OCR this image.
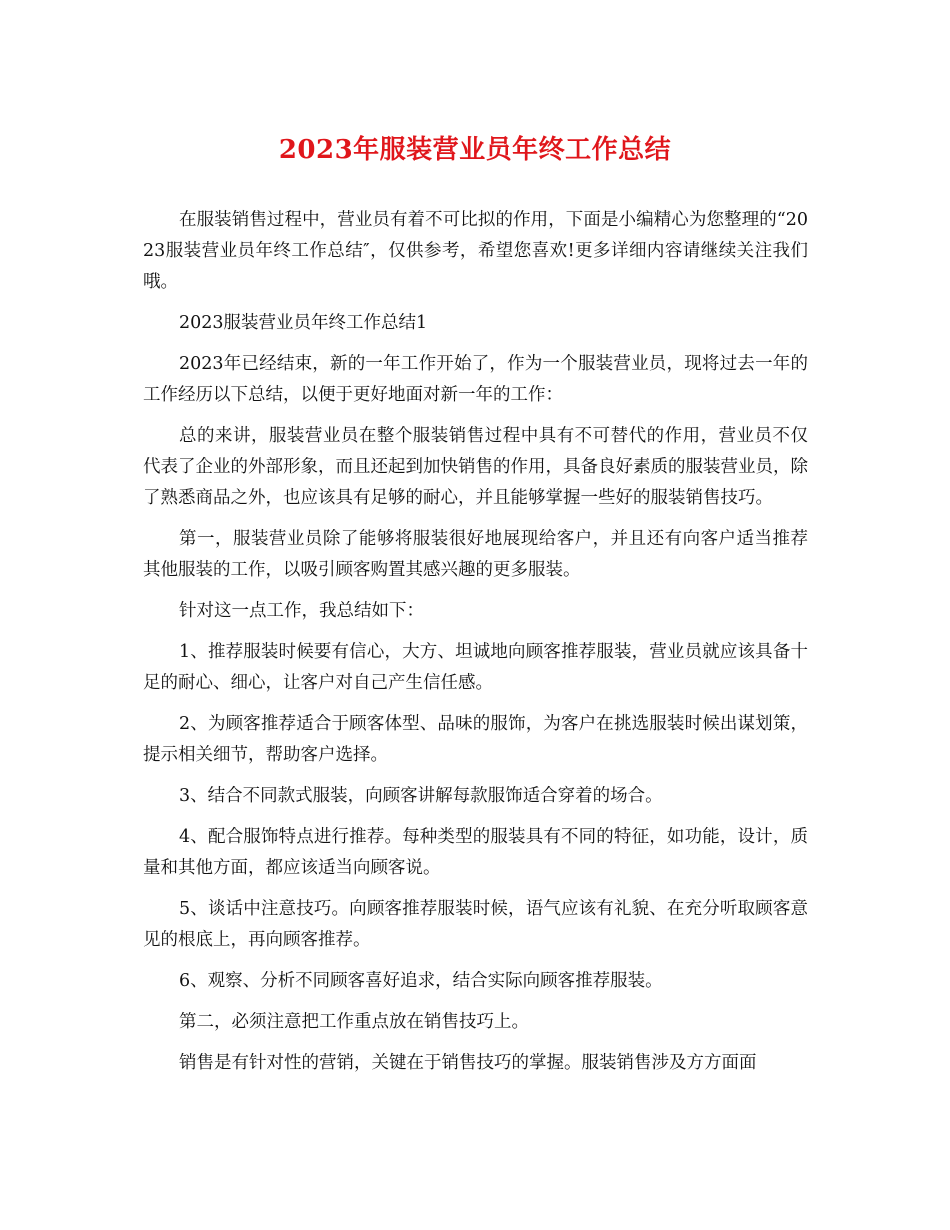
2023年服装营业员年终工作总结

在服装销售过程中，营业员有着不可比拟的作用，下面是小编精心为您整理的“2023服装营业员年终工作总结″，仅供参考，希望您喜欢!更多详细内容请继续关注我们哦。

2023服装营业员年终工作总结1

2023年已经结束，新的一年工作开始了，作为一个服装营业员，现将过去一年的工作经历以下总结，以便于更好地面对新一年的工作：

总的来讲，服装营业员在整个服装销售过程中具有不可替代的作用，营业员不仅代表了企业的外部形象，而且还起到加快销售的作用，具备良好素质的服装营业员，除了熟悉商品之外，也应该具有足够的耐心，并且能够掌握一些好的服装销售技巧。

第一，服装营业员除了能够将服装很好地展现给客户，并且还有向客户适当推荐其他服装的工作，以吸引顾客购置其感兴趣的更多服装。

针对这一点工作，我总结如下：

1、推荐服装时候要有信心，大方、坦诚地向顾客推荐服装，营业员就应该具备十足的耐心、细心，让客户对自己产生信任感。

2、为顾客推荐适合于顾客体型、品味的服饰，为客户在挑选服装时候出谋划策，提示相关细节，帮助客户选择。

3、结合不同款式服装，向顾客讲解每款服饰适合穿着的场合。

4、配合服饰特点进行推荐。每种类型的服装具有不同的特征，如功能，设计，质量和其他方面，都应该适当向顾客说。

5、谈话中注意技巧。向顾客推荐服装时候，语气应该有礼貌、在充分听取顾客意见的根底上，再向顾客推荐。

6、观察、分析不同顾客喜好追求，结合实际向顾客推荐服装。

第二，必须注意把工作重点放在销售技巧上。

销售是有针对性的营销，关键在于销售技巧的掌握。服装销售涉及方方面面
